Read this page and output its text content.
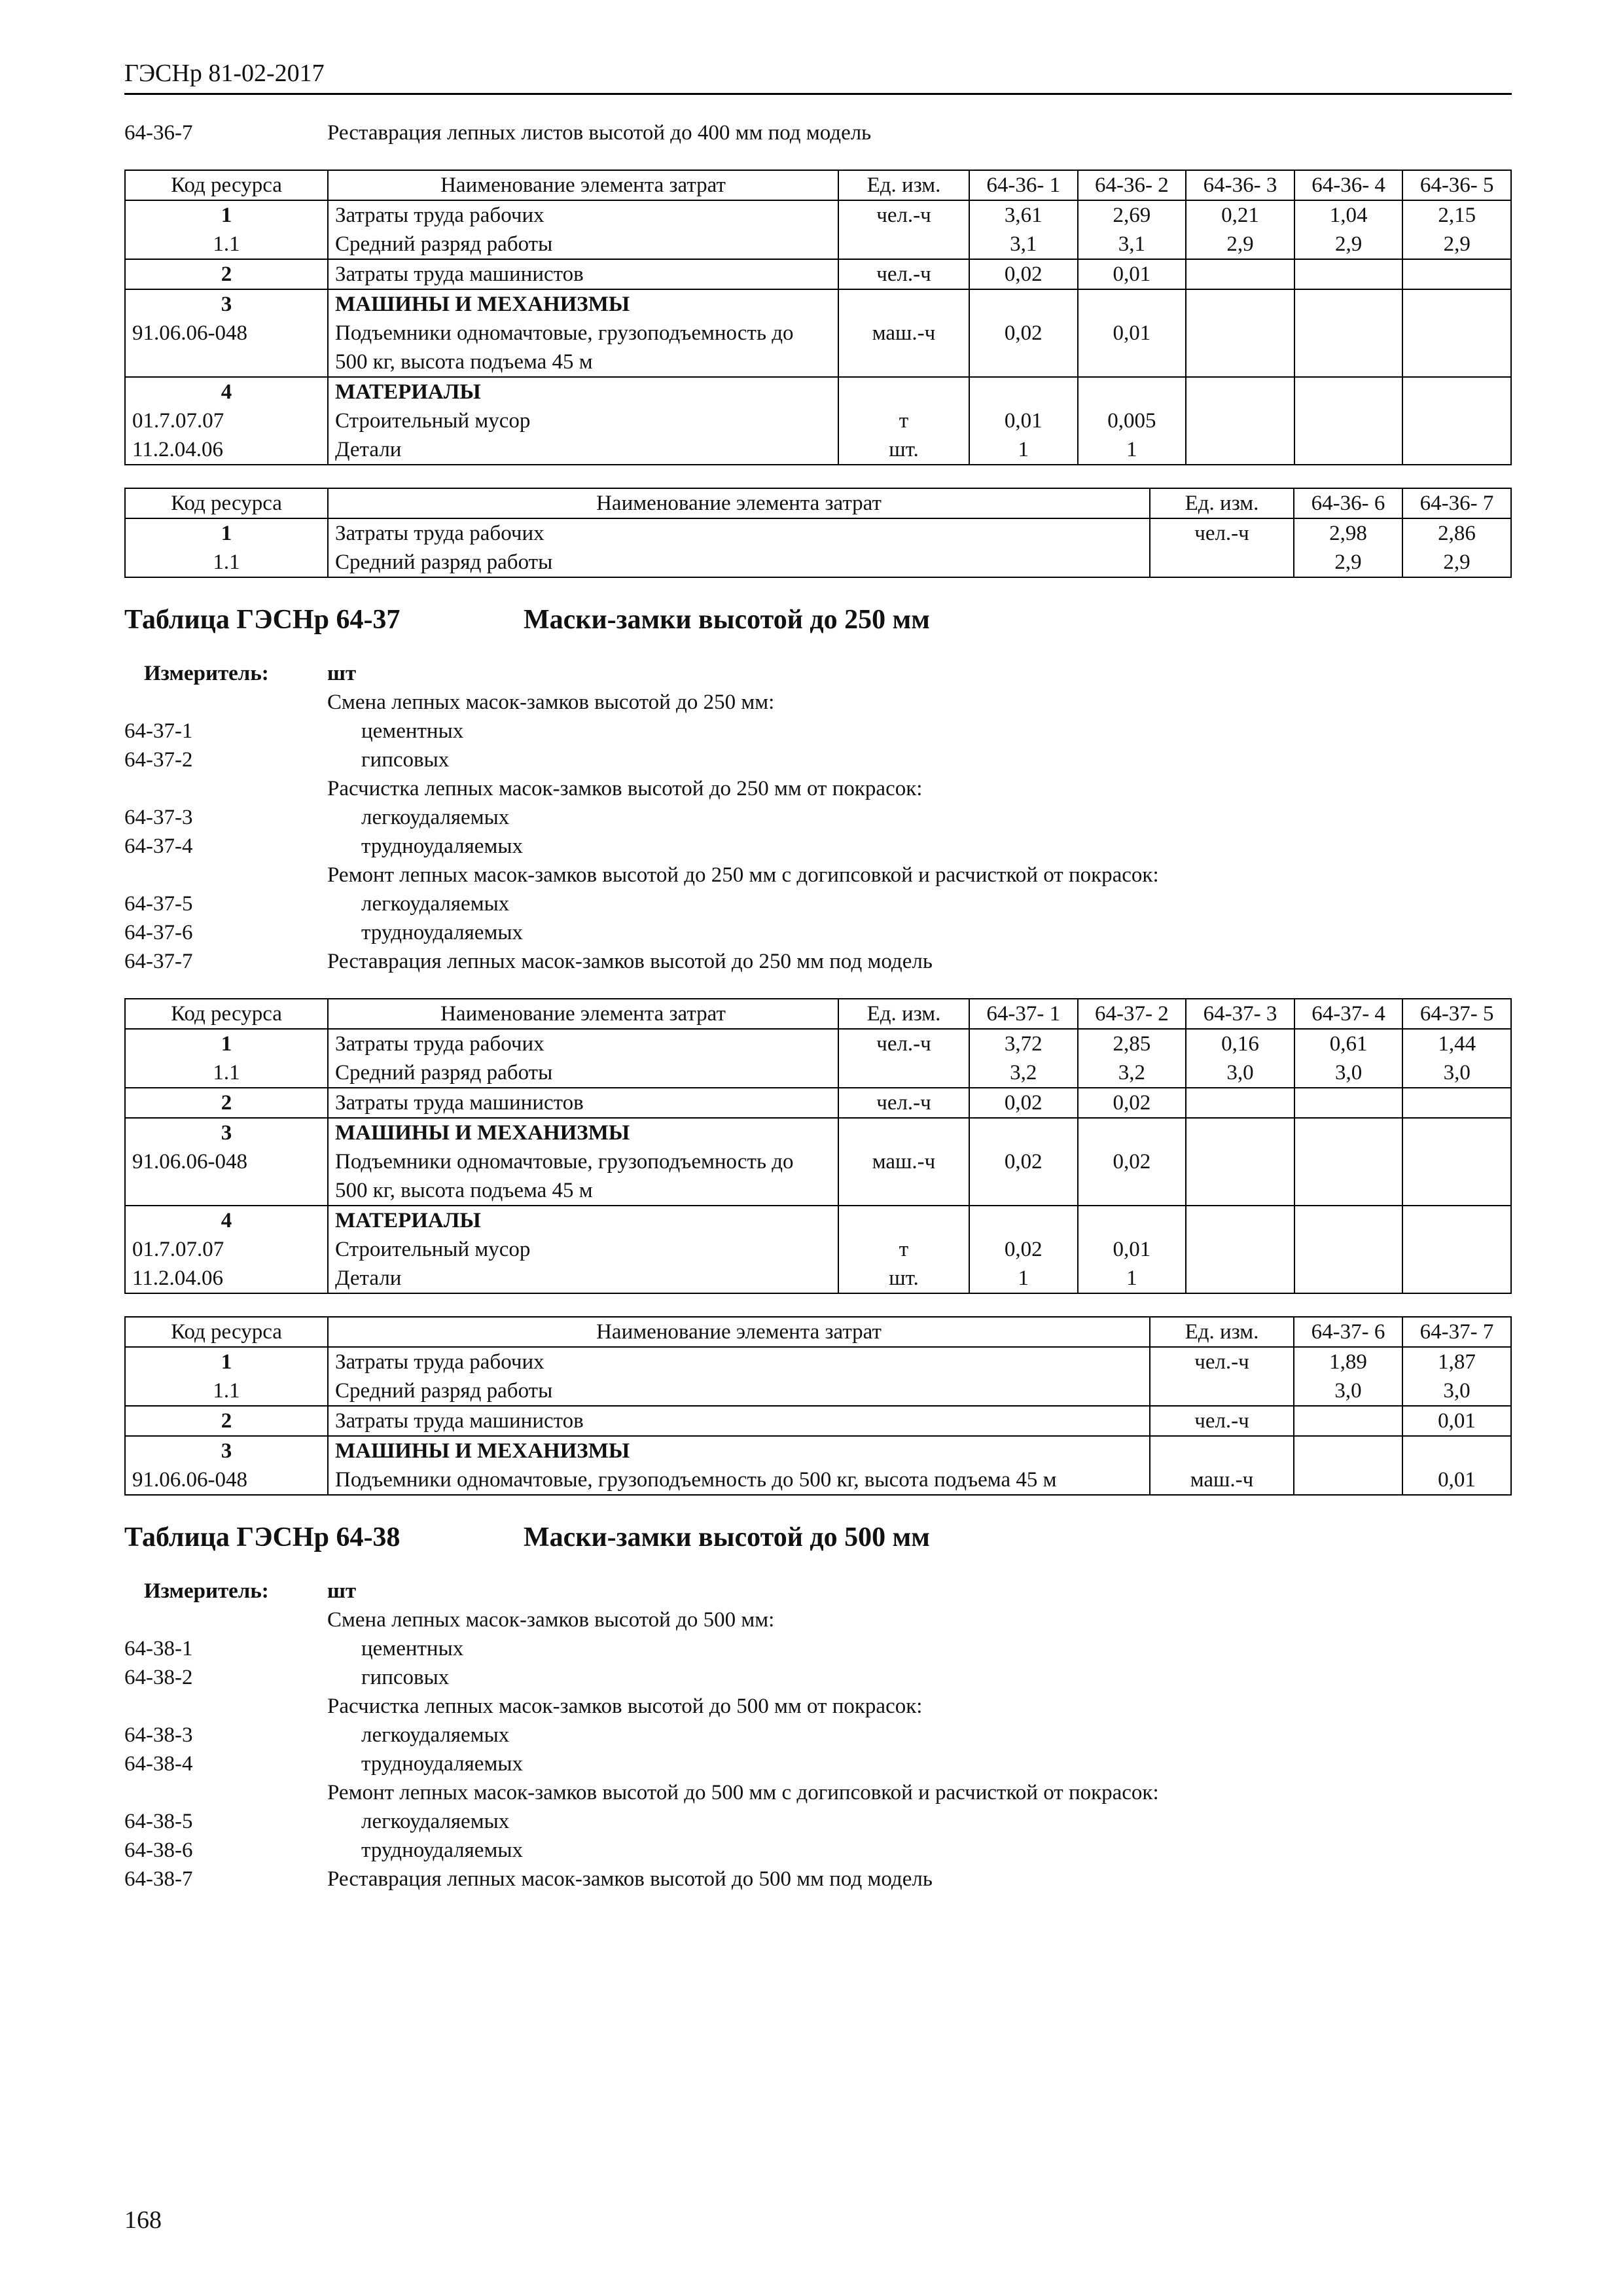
ГЭСНр 81-02-2017
64-36-7	Реставрация лепных листов высотой до 400 мм под модель
Код ресурса	Наименование элемента затрат	Ед. изм.	64-36- 1	64-36- 2	64-36- 3	64-36- 4	64-36- 5
1	Затраты труда рабочих	чел.-ч	3,61	2,69	0,21	1,04	2,15
1.1	Средний разряд работы		3,1	3,1	2,9	2,9	2,9
2	Затраты труда машинистов	чел.-ч	0,02	0,01			
3	МАШИНЫ И МЕХАНИЗМЫ						
91.06.06-048	Подъемники одномачтовые, грузоподъемность до 500 кг, высота подъема 45 м	маш.-ч	0,02	0,01			
4	МАТЕРИАЛЫ						
01.7.07.07	Строительный мусор	т	0,01	0,005			
11.2.04.06	Детали	шт.	1	1			
Код ресурса	Наименование элемента затрат	Ед. изм.	64-36- 6	64-36- 7
1	Затраты труда рабочих	чел.-ч	2,98	2,86
1.1	Средний разряд работы		2,9	2,9
Таблица ГЭСНр 64-37	Маски-замки высотой до 250 мм
Измеритель:	шт
Смена лепных масок-замков высотой до 250 мм:
64-37-1	цементных
64-37-2	гипсовых
Расчистка лепных масок-замков высотой до 250 мм от покрасок:
64-37-3	легкоудаляемых
64-37-4	трудноудаляемых
Ремонт лепных масок-замков высотой до 250 мм с догипсовкой и расчисткой от покрасок:
64-37-5	легкоудаляемых
64-37-6	трудноудаляемых
64-37-7	Реставрация лепных масок-замков высотой до 250 мм под модель
Код ресурса	Наименование элемента затрат	Ед. изм.	64-37- 1	64-37- 2	64-37- 3	64-37- 4	64-37- 5
1	Затраты труда рабочих	чел.-ч	3,72	2,85	0,16	0,61	1,44
1.1	Средний разряд работы		3,2	3,2	3,0	3,0	3,0
2	Затраты труда машинистов	чел.-ч	0,02	0,02			
3	МАШИНЫ И МЕХАНИЗМЫ						
91.06.06-048	Подъемники одномачтовые, грузоподъемность до 500 кг, высота подъема 45 м	маш.-ч	0,02	0,02			
4	МАТЕРИАЛЫ						
01.7.07.07	Строительный мусор	т	0,02	0,01			
11.2.04.06	Детали	шт.	1	1			
Код ресурса	Наименование элемента затрат	Ед. изм.	64-37- 6	64-37- 7
1	Затраты труда рабочих	чел.-ч	1,89	1,87
1.1	Средний разряд работы		3,0	3,0
2	Затраты труда машинистов	чел.-ч		0,01
3	МАШИНЫ И МЕХАНИЗМЫ			
91.06.06-048	Подъемники одномачтовые, грузоподъемность до 500 кг, высота подъема 45 м	маш.-ч		0,01
Таблица ГЭСНр 64-38	Маски-замки высотой до 500 мм
Измеритель:	шт
Смена лепных масок-замков высотой до 500 мм:
64-38-1	цементных
64-38-2	гипсовых
Расчистка лепных масок-замков высотой до 500 мм от покрасок:
64-38-3	легкоудаляемых
64-38-4	трудноудаляемых
Ремонт лепных масок-замков высотой до 500 мм с догипсовкой и расчисткой от покрасок:
64-38-5	легкоудаляемых
64-38-6	трудноудаляемых
64-38-7	Реставрация лепных масок-замков высотой до 500 мм под модель
168
